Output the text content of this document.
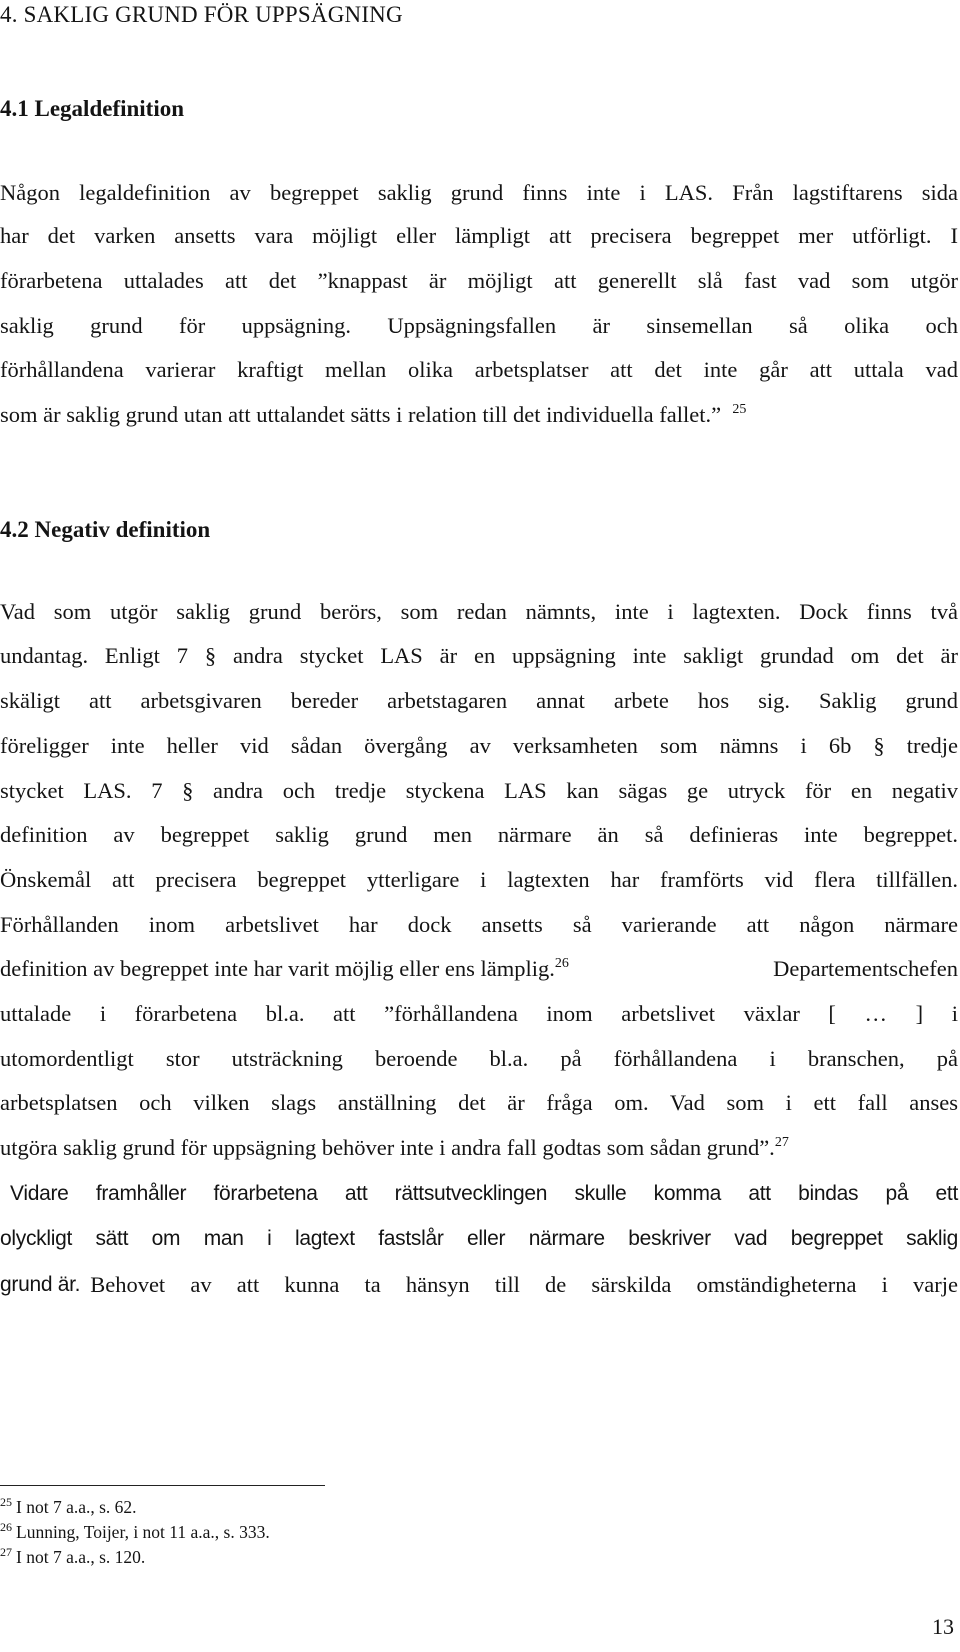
4. SAKLIG GRUND FÖR UPPSÄGNING
4.1 Legaldefinition
Någon legaldefinition av begreppet saklig grund finns inte i LAS. Från lagstiftarens sida
har det varken ansetts vara möjligt eller lämpligt att precisera begreppet mer utförligt. I
förarbetena uttalades att det ”knappast är möjligt att generellt slå fast vad som utgör
saklig grund för uppsägning. Uppsägningsfallen är sinsemellan så olika och
förhållandena varierar kraftigt mellan olika arbetsplatser att det inte går att uttala vad
som är saklig grund utan att uttalandet sätts i relation till det individuella fallet.” $^{25}$
4.2 Negativ definition
Vad som utgör saklig grund berörs, som redan nämnts, inte i lagtexten. Dock finns två
undantag. Enligt 7 § andra stycket LAS är en uppsägning inte sakligt grundad om det är
skäligt att arbetsgivaren bereder arbetstagaren annat arbete hos sig. Saklig grund
föreligger inte heller vid sådan övergång av verksamheten som nämns i 6b § tredje
stycket LAS. 7 § andra och tredje styckena LAS kan sägas ge utryck för en negativ
definition av begreppet saklig grund men närmare än så definieras inte begreppet.
Önskemål att precisera begreppet ytterligare i lagtexten har framförts vid flera tillfällen.
Förhållanden inom arbetslivet har dock ansetts så varierande att någon närmare
definition av begreppet inte har varit möjlig eller ens lämplig.$^{26}$	Departementschefen
uttalade i förarbetena bl.a. att ”förhållandena inom arbetslivet växlar [ … ] i
utomordentligt stor utsträckning beroende bl.a. på förhållandena i branschen, på
arbetsplatsen och vilken slags anställning det är fråga om. Vad som i ett fall anses
utgöra saklig grund för uppsägning behöver inte i andra fall godtas som sådan grund”.$^{27}$
Vidare framhåller förarbetena att rättsutvecklingen skulle komma att bindas på ett
olyckligt sätt om man i lagtext fastslår eller närmare beskriver vad begreppet saklig
grund är. Behovet av att kunna ta hänsyn till de särskilda omständigheterna i varje
$^{25}$ I not 7 a.a., s. 62.
$^{26}$ Lunning, Toijer, i not 11 a.a., s. 333.
$^{27}$ I not 7 a.a., s. 120.
13
